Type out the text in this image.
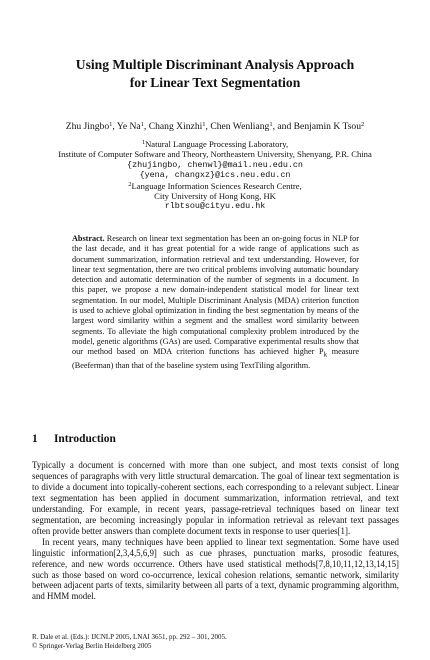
Using Multiple Discriminant Analysis Approach
for Linear Text Segmentation
Zhu Jingbo$^1$, Ye Na$^1$, Chang Xinzhi$^1$, Chen Wenliang$^1$, and Benjamin K Tsou$^2$
$^1$Natural Language Processing Laboratory,
Institute of Computer Software and Theory, Northeastern University, Shenyang, P.R. China
{zhujingbo, chenwl}@mail.neu.edu.cn
{yena, changxz}@ics.neu.edu.cn
$^2$Language Information Sciences Research Centre,
City University of Hong Kong, HK
rlbtsou@cityu.edu.hk
Abstract. Research on linear text segmentation has been an on-going focus in NLP for the last decade, and it has great potential for a wide range of applications such as document summarization, information retrieval and text understanding. However, for linear text segmentation, there are two critical problems involving automatic boundary detection and automatic determination of the number of segments in a document. In this paper, we propose a new domain-independent statistical model for linear text segmentation. In our model, Multiple Discriminant Analysis (MDA) criterion function is used to achieve global optimization in finding the best segmentation by means of the largest word similarity within a segment and the smallest word similarity between segments. To alleviate the high computational complexity problem introduced by the model, genetic algorithms (GAs) are used. Comparative experimental results show that our method based on MDA criterion functions has achieved higher $P_k$ measure (Beeferman) than that of the baseline system using TextTiling algorithm.
1 Introduction

Typically a document is concerned with more than one subject, and most texts consist of long sequences of paragraphs with very little structural demarcation. The goal of linear text segmentation is to divide a document into topically-coherent sections, each corresponding to a relevant subject. Linear text segmentation has been applied in document summarization, information retrieval, and text understanding. For example, in recent years, passage-retrieval techniques based on linear text segmentation, are becoming increasingly popular in information retrieval as relevant text passages often provide better answers than complete document texts in response to user queries[1].

In recent years, many techniques have been applied to linear text segmentation. Some have used linguistic information[2,3,4,5,6,9] such as cue phrases, punctuation marks, prosodic features, reference, and new words occurrence. Others have used statistical methods[7,8,10,11,12,13,14,15] such as those based on word co-occurrence, lexical cohesion relations, semantic network, similarity between adjacent parts of texts, similarity between all parts of a text, dynamic programming algorithm, and HMM model.

R. Dale et al. (Eds.): IJCNLP 2005, LNAI 3651, pp. 292 – 301, 2005.
© Springer-Verlag Berlin Heidelberg 2005
